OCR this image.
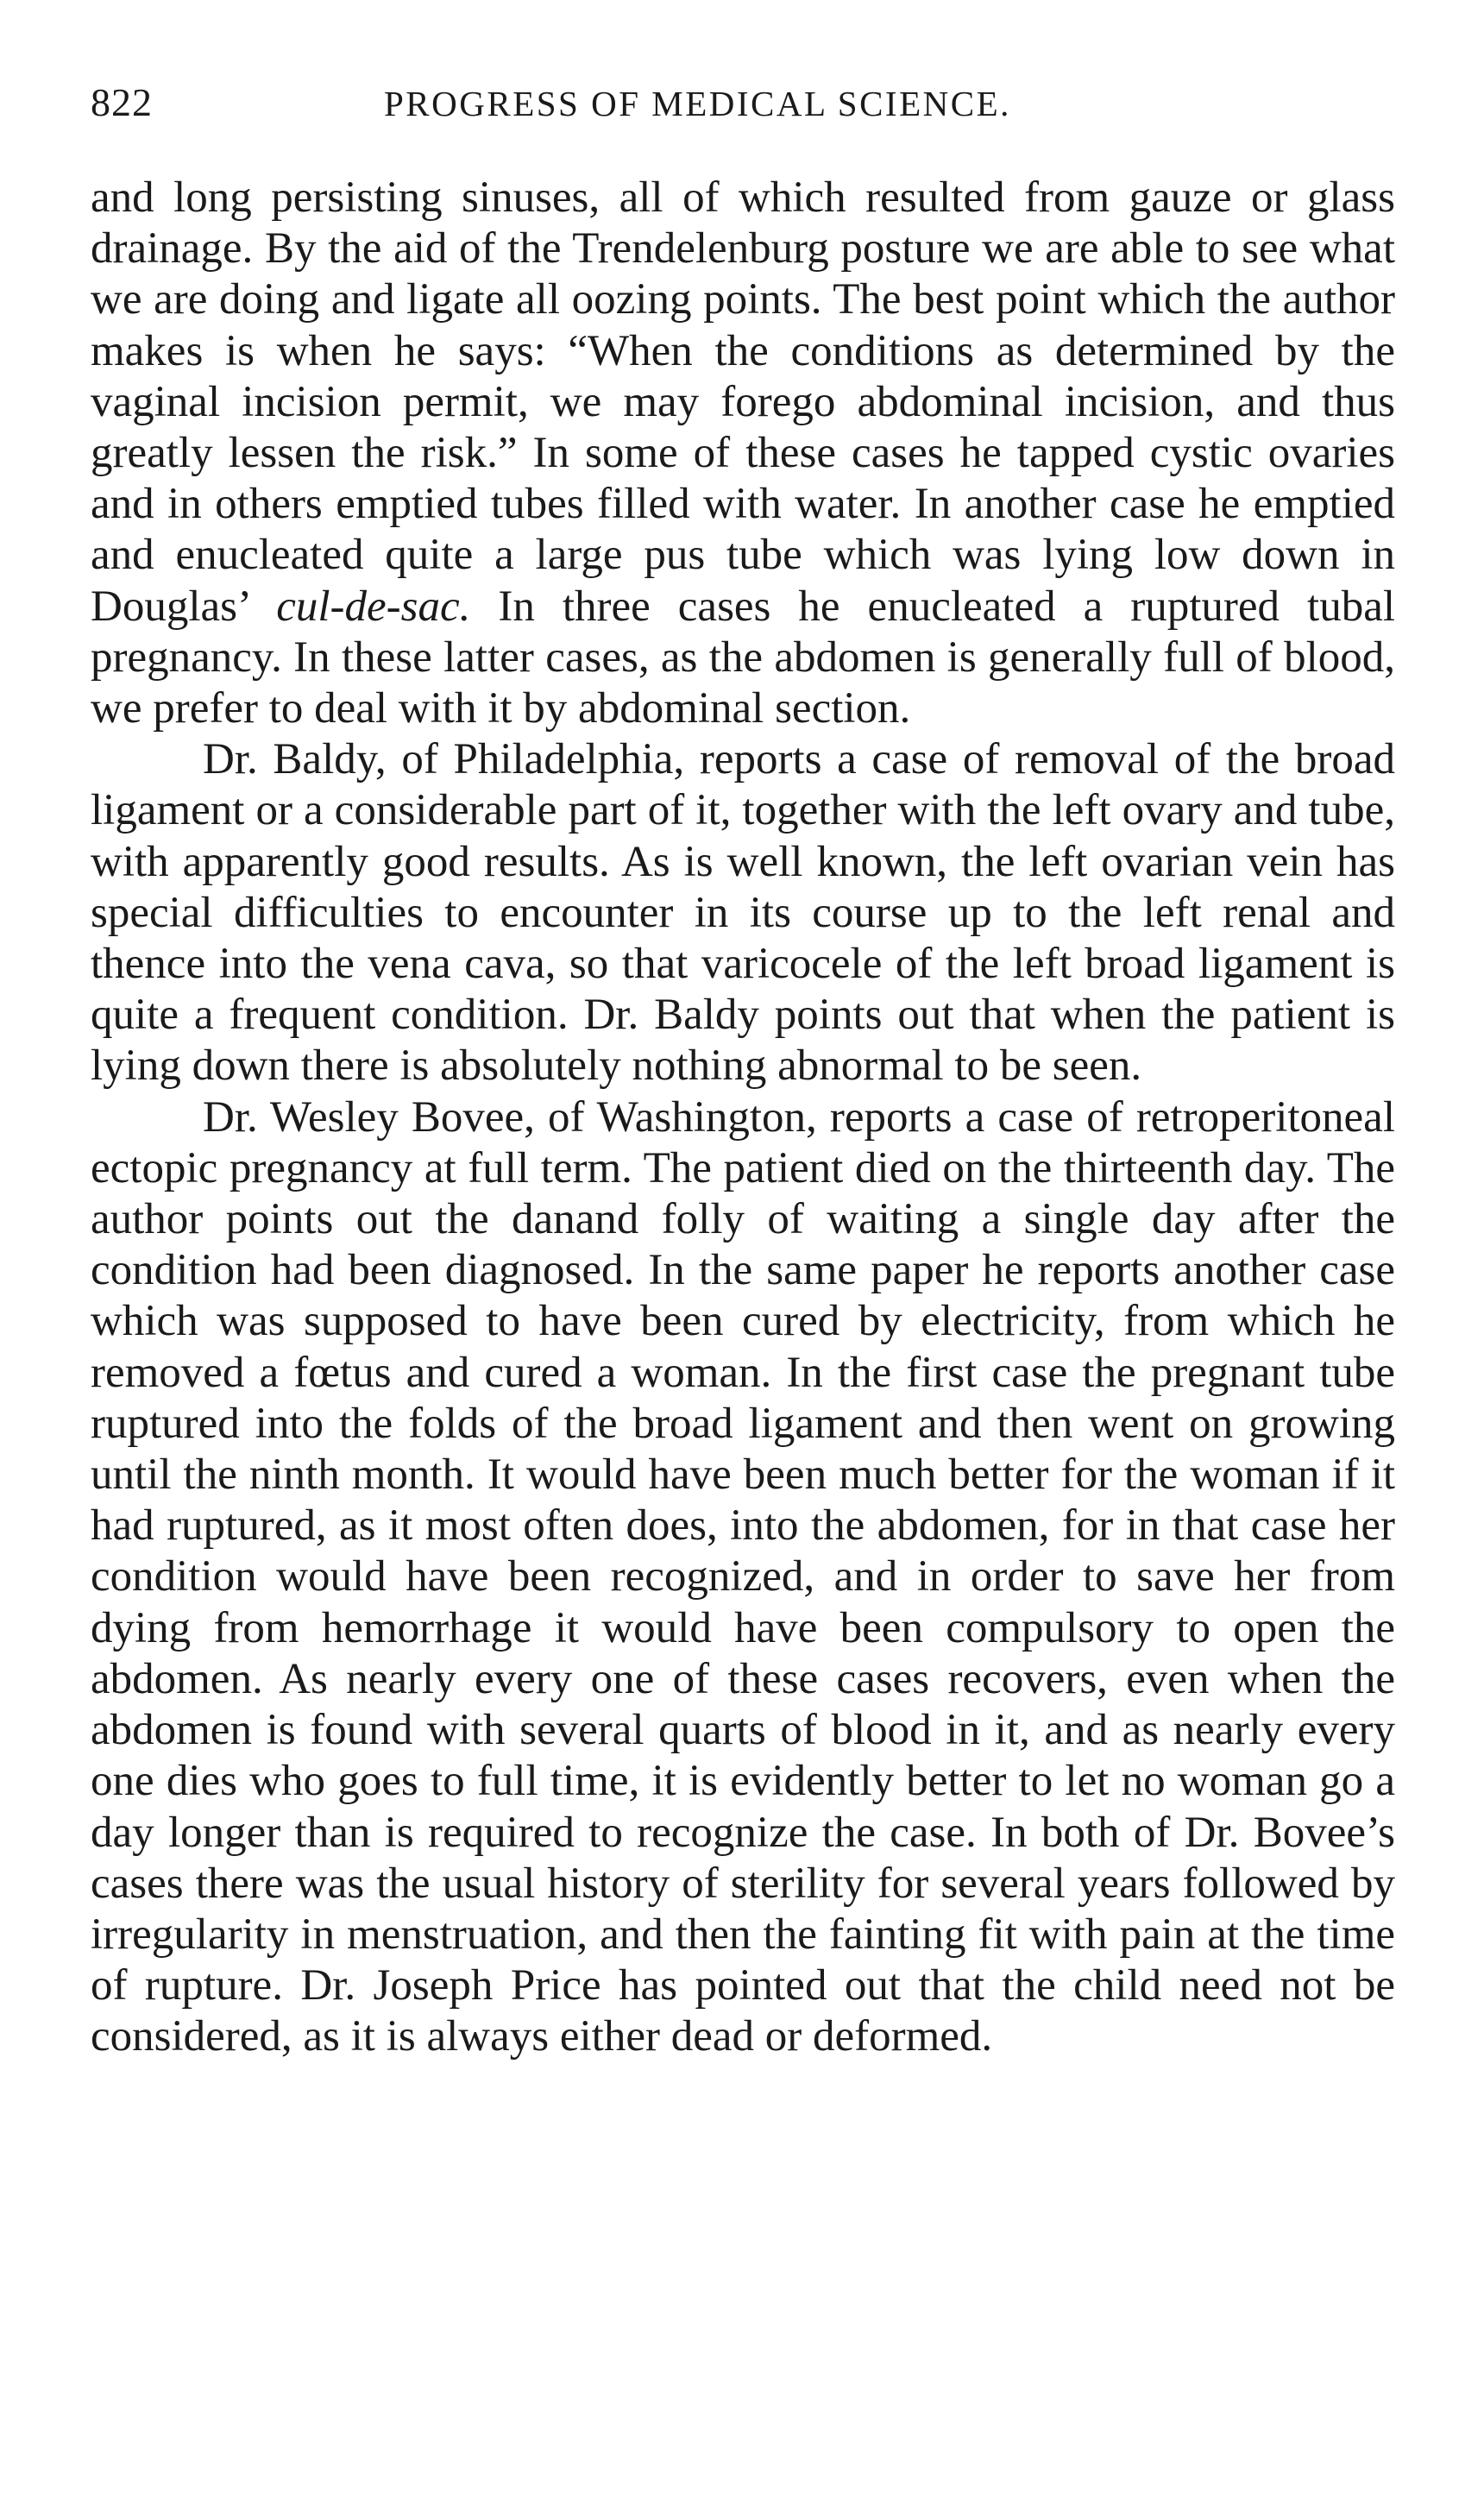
822	PROGRESS OF MEDICAL SCIENCE.

and long persisting sinuses, all of which resulted from gauze or glass drainage. By the aid of the Trendelenburg posture we are able to see what we are doing and ligate all oozing points. The best point which the author makes is when he says: “When the conditions as determined by the vaginal incision permit, we may forego abdominal incision, and thus greatly lessen the risk.” In some of these cases he tapped cystic ovaries and in others emptied tubes filled with water. In another case he emptied and enucleated quite a large pus tube which was lying low down in Douglas’ cul-de-sac. In three cases he enucleated a ruptured tubal pregnancy. In these latter cases, as the abdomen is generally full of blood, we prefer to deal with it by abdominal section.

Dr. Baldy, of Philadelphia, reports a case of removal of the broad ligament or a considerable part of it, together with the left ovary and tube, with apparently good results. As is well known, the left ovarian vein has special difficulties to encounter in its course up to the left renal and thence into the vena cava, so that varicocele of the left broad ligament is quite a frequent condition. Dr. Baldy points out that when the patient is lying down there is absolutely nothing abnormal to be seen.

Dr. Wesley Bovee, of Washington, reports a case of retroperitoneal ectopic pregnancy at full term. The patient died on the thirteenth day. The author points out the danand folly of waiting a single day after the condition had been diagnosed. In the same paper he reports another case which was supposed to have been cured by electricity, from which he removed a fœtus and cured a woman. In the first case the pregnant tube ruptured into the folds of the broad ligament and then went on growing until the ninth month. It would have been much better for the woman if it had ruptured, as it most often does, into the abdomen, for in that case her condition would have been recognized, and in order to save her from dying from hemorrhage it would have been compulsory to open the abdomen. As nearly every one of these cases recovers, even when the abdomen is found with several quarts of blood in it, and as nearly every one dies who goes to full time, it is evidently better to let no woman go a day longer than is required to recognize the case. In both of Dr. Bovee’s cases there was the usual history of sterility for several years followed by irregularity in menstruation, and then the fainting fit with pain at the time of rupture. Dr. Joseph Price has pointed out that the child need not be considered, as it is always either dead or deformed.
